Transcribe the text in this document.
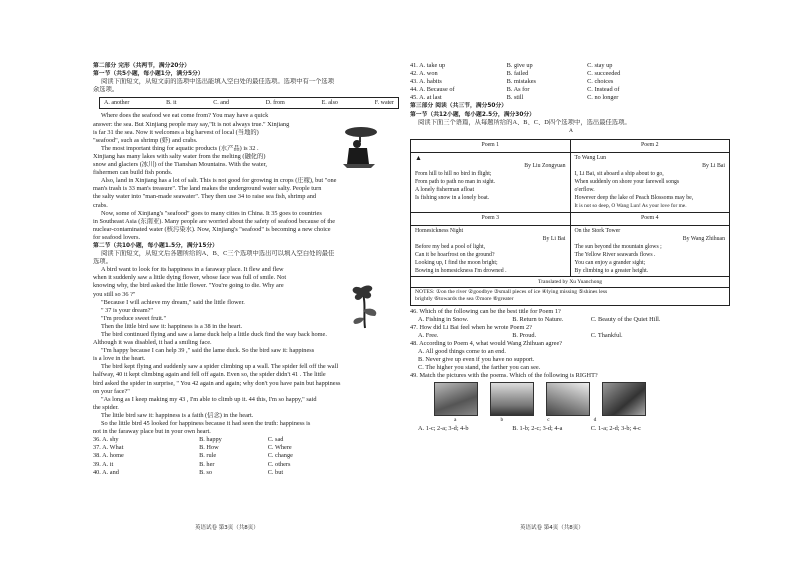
第二部分 完形（共两节，满分20分）
第一节（共5小题，每小题1分，满分5分）
阅读下面短文，从短文前的选项中选出能填入空白处的最佳选项。选项中有一个选项
余选项。
A. another	B. it	C. and	D. from	E. also	F. water
Where does the seafood we eat come from? You may have a quick
answer: the sea. But Xinjiang people may say,"It is not always true." Xinjiang
is far 31 the sea. Now it welcomes a big harvest of local (当地的)
"seafood", such as shrimp (虾) and crabs.
The most important thing for aquatic products (水产品) is 32 .
Xinjiang has many lakes with salty water from the melting (融化的)
snow and glaciers (冰川) of the Tianshan Mountains. With the water,
fishermen can build fish ponds.
Also, land in Xinjiang has a lot of salt. This is not good for growing in crops (庄稼), but "one
man's trash is 33 man's treasure". The land makes the underground water salty. People turn
the salty water into "man-made seawater". They then use 34 to raise sea fish, shrimp and
crabs.
Now, some of Xinjiang's "seafood" goes to many cities in China. It 35 goes to countries
in Southeast Asia (东南亚). Many people are worried about the safety of seafood because of the
nuclear-contaminated water (核污染水). Now, Xinjiang's "seafood" is becoming a new choice
for seafood lovers.
第二节（共10小题，每小题1.5分，满分15分）
阅读下面短文，从短文后各题所给的A、B、C三个选项中选出可以填入空白处的最佳
选项。
A bird want to look for its happiness in a faraway place. It flew and flew
when it suddenly saw a little dying flower, whose face was full of smile. Not
knowing why, the bird asked the little flower. "You're going to die. Why are
you still so 36 ?"
"Because I will achieve my dream," said the little flower.
" 37 is your dream?"
"I'm produce sweet fruit."
Then the little bird saw it: happiness is a 38 in the heart.
The bird continued flying and saw a lame duck help a little duck find the way back home.
Although it was disabled, it had a smiling face.
"I'm happy because I can help 39 ," said the lame duck. So the bird saw it: happiness
is a love in the heart.
The bird kept flying and suddenly saw a spider climbing up a wall. The spider fell off the wall
halfway, 40 it kept climbing again and fell off again. Even so, the spider didn't 41 . The little
bird asked the spider in surprise, " You 42 again and again; why don't you have pain but happiness
on your face?"
"As long as I keep making my 43 , I'm able to climb up it. 44 this, I'm so happy," said
the spider.
The little bird saw it: happiness is a faith (信念) in the heart.
So the little bird 45 looked for happiness because it had seen the truth: happiness is
not in the faraway place but in your own heart.
36. A. shy	B. happy	C. sad
37. A. What	B. How	C. Where
38. A. home	B. rule	C. change
39. A. it	B. her	C. others
40. A. and	B. so	C. but
英语试卷 第3页（共8页）
41. A. take up	B. give up	C. stay up
42. A. won	B. failed	C. succeeded
43. A. habits	B. mistakes	C. choices
44. A. Because of	B. As for	C. Instead of
45. A. at last	B. still	C. no longer
第三部分 阅读（共三节，满分50分）
第一节（共12小题，每小题2.5分，满分30分）
阅读下面三个语篇，从每题所给的A、B、C、D四个选项中，选出最佳选项。
A
Poem 1	Poem 2
▲
By Liu Zongyuan
From hill to hill no bird in flight;
From path to path no man in sight.
A lonely fisherman afloat
Is fishing snow in a lonely boat.
To Wang Lun
By Li Bai
I, Li Bai, sit aboard a ship about to go,
When suddenly on shore your farewell songs
o'erflow.
However deep the lake of Peach Blossoms may be,
It is not so deep, O Wang Lun! As your love for me.
Poem 3	Poem 4
Homesickness Night
By Li Bai
Before my bed a pool of light,
Can it be hoarfrost on the ground?
Looking up, I find the moon bright;
Bowing in homesickness I'm drowned .
On the Stork Tower
By Wang Zhihuan
The sun beyond the mountain glows ;
The Yellow River seawards flows .
You can enjoy a grander sight;
By climbing to a greater height.
Translated by Xu Yuanchong
NOTES: ①on the river ②goodbye ③small pieces of ice ④lying missing ⑤shines less
brightly ⑥towards the sea ⑦more ⑧greater
46. Which of the following can be the best title for Poem 1?
A. Fishing in Snow.	B. Return to Nature.	C. Beauty of the Quiet Hill.
47. How did Li Bai feel when he wrote Poem 2?
A. Free.	B. Proud.	C. Thankful.
48. According to Poem 4, what would Wang Zhihuan agree?
A. All good things come to an end.
B. Never give up even if you have no support.
C. The higher you stand, the farther you can see.
49. Match the pictures with the poems. Which of the following is RIGHT?
a	b	c	d
A. 1-c; 2-a; 3-d; 4-b	B. 1-b; 2-c; 3-d; 4-a	C. 1-a; 2-d; 3-b; 4-c
英语试卷 第4页（共8页）
